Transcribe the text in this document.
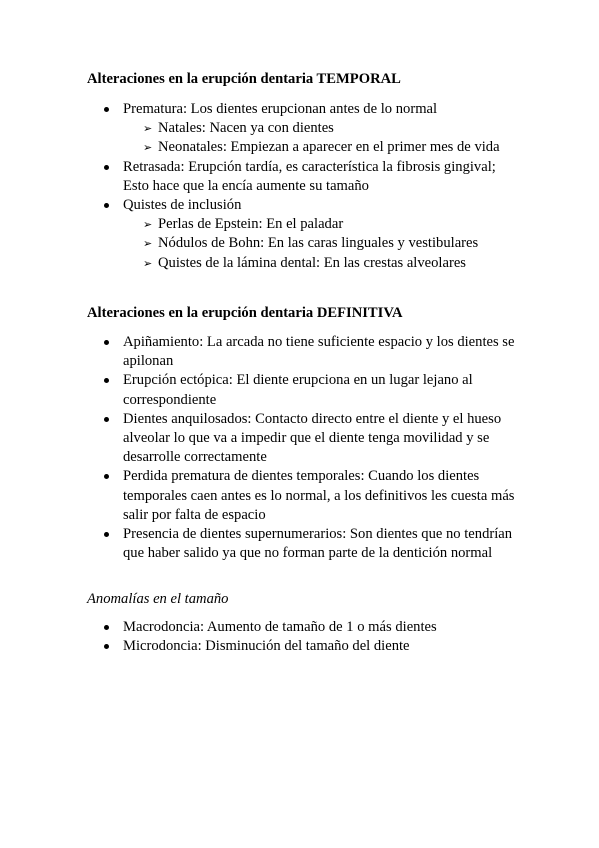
Alteraciones en la erupción dentaria TEMPORAL
Prematura: Los dientes erupcionan antes de lo normal
➢ Natales: Nacen ya con dientes
➢ Neonatales: Empiezan a aparecer en el primer mes de vida
Retrasada: Erupción tardía, es característica la fibrosis gingival; Esto hace que la encía aumente su tamaño
Quistes de inclusión
➢ Perlas de Epstein: En el paladar
➢ Nódulos de Bohn: En las caras linguales y vestibulares
➢ Quistes de la lámina dental: En las crestas alveolares
Alteraciones en la erupción dentaria DEFINITIVA
Apiñamiento: La arcada no tiene suficiente espacio y los dientes se apilonan
Erupción ectópica: El diente erupciona en un lugar lejano al correspondiente
Dientes anquilosados: Contacto directo entre el diente y el hueso alveolar lo que va a impedir que el diente tenga movilidad y se desarrolle correctamente
Perdida prematura de dientes temporales: Cuando los dientes temporales caen antes es lo normal, a los definitivos les cuesta más salir por falta de espacio
Presencia de dientes supernumerarios: Son dientes que no tendrían que haber salido ya que no forman parte de la dentición normal
Anomalías en el tamaño
Macrodoncia: Aumento de tamaño de 1 o más dientes
Microdoncia: Disminución del tamaño del diente
